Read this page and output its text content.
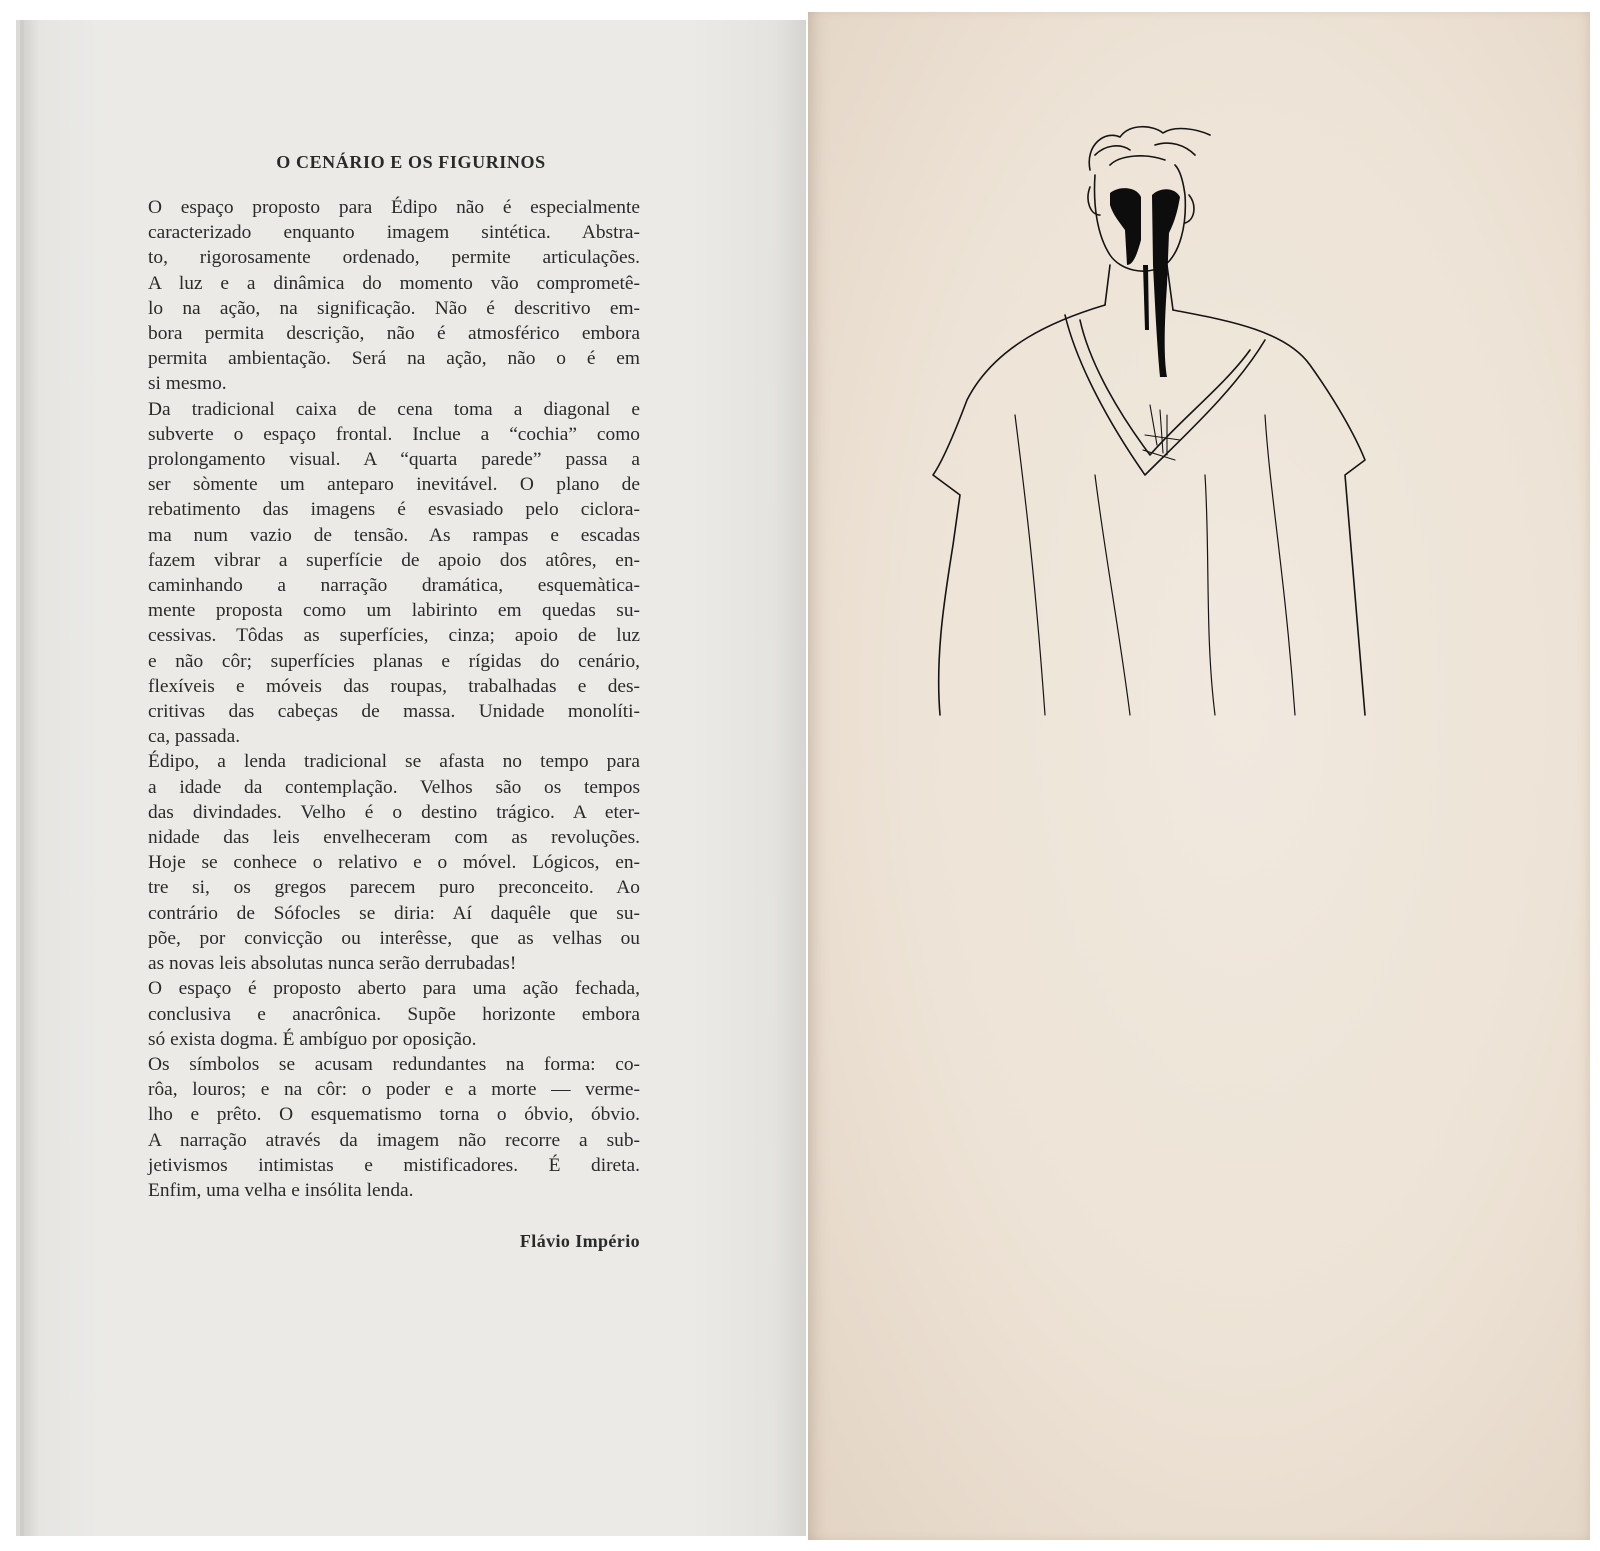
O CENÁRIO E OS FIGURINOS
O espaço proposto para Édipo não é especialmente
caracterizado enquanto imagem sintética. Abstra-
to, rigorosamente ordenado, permite articulações.
A luz e a dinâmica do momento vão comprometê-
lo na ação, na significação. Não é descritivo em-
bora permita descrição, não é atmosférico embora
permita ambientação. Será na ação, não o é em
si mesmo.
Da tradicional caixa de cena toma a diagonal e
subverte o espaço frontal. Inclue a “cochia” como
prolongamento visual. A “quarta parede” passa a
ser sòmente um anteparo inevitável. O plano de
rebatimento das imagens é esvasiado pelo ciclora-
ma num vazio de tensão. As rampas e escadas
fazem vibrar a superfície de apoio dos atôres, en-
caminhando a narração dramática, esquemàtica-
mente proposta como um labirinto em quedas su-
cessivas. Tôdas as superfícies, cinza; apoio de luz
e não côr; superfícies planas e rígidas do cenário,
flexíveis e móveis das roupas, trabalhadas e des-
critivas das cabeças de massa. Unidade monolíti-
ca, passada.
Édipo, a lenda tradicional se afasta no tempo para
a idade da contemplação. Velhos são os tempos
das divindades. Velho é o destino trágico. A eter-
nidade das leis envelheceram com as revoluções.
Hoje se conhece o relativo e o móvel. Lógicos, en-
tre si, os gregos parecem puro preconceito. Ao
contrário de Sófocles se diria: Aí daquêle que su-
põe, por convicção ou interêsse, que as velhas ou
as novas leis absolutas nunca serão derrubadas!
O espaço é proposto aberto para uma ação fechada,
conclusiva e anacrônica. Supõe horizonte embora
só exista dogma. É ambíguo por oposição.
Os símbolos se acusam redundantes na forma: co-
rôa, louros; e na côr: o poder e a morte — verme-
lho e prêto. O esquematismo torna o óbvio, óbvio.
A narração através da imagem não recorre a sub-
jetivismos intimistas e mistificadores. É direta.
Enfim, uma velha e insólita lenda.
Flávio Império
